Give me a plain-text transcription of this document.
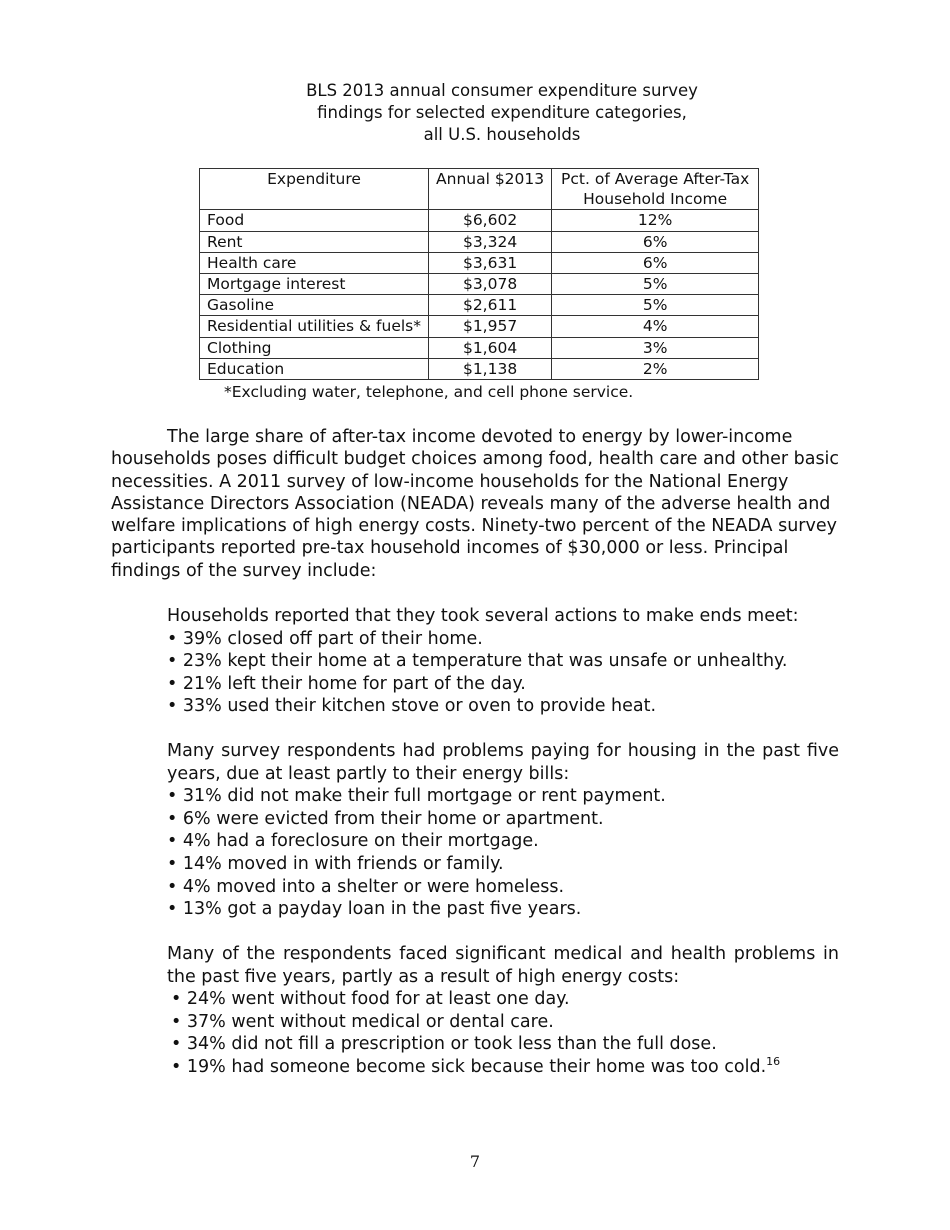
BLS 2013 annual consumer expenditure survey
findings for selected expenditure categories,
all U.S. households
Expenditure	Annual $2013	Pct. of Average After-Tax Household Income
Food	$6,602	12%
Rent	$3,324	6%
Health care	$3,631	6%
Mortgage interest	$3,078	5%
Gasoline	$2,611	5%
Residential utilities & fuels*	$1,957	4%
Clothing	$1,604	3%
Education	$1,138	2%
*Excluding water, telephone, and cell phone service.
The large share of after-tax income devoted to energy by lower-income households poses difficult budget choices among food, health care and other basic necessities. A 2011 survey of low-income households for the National Energy Assistance Directors Association (NEADA) reveals many of the adverse health and welfare implications of high energy costs. Ninety-two percent of the NEADA survey participants reported pre-tax household incomes of $30,000 or less. Principal findings of the survey include:
Households reported that they took several actions to make ends meet:
• 39% closed off part of their home.
• 23% kept their home at a temperature that was unsafe or unhealthy.
• 21% left their home for part of the day.
• 33% used their kitchen stove or oven to provide heat.
Many survey respondents had problems paying for housing in the past five years, due at least partly to their energy bills:
• 31% did not make their full mortgage or rent payment.
• 6% were evicted from their home or apartment.
• 4% had a foreclosure on their mortgage.
• 14% moved in with friends or family.
• 4% moved into a shelter or were homeless.
• 13% got a payday loan in the past five years.
Many of the respondents faced significant medical and health problems in the past five years, partly as a result of high energy costs:
• 24% went without food for at least one day.
• 37% went without medical or dental care.
• 34% did not fill a prescription or took less than the full dose.
• 19% had someone become sick because their home was too cold.$^{16}$
7
